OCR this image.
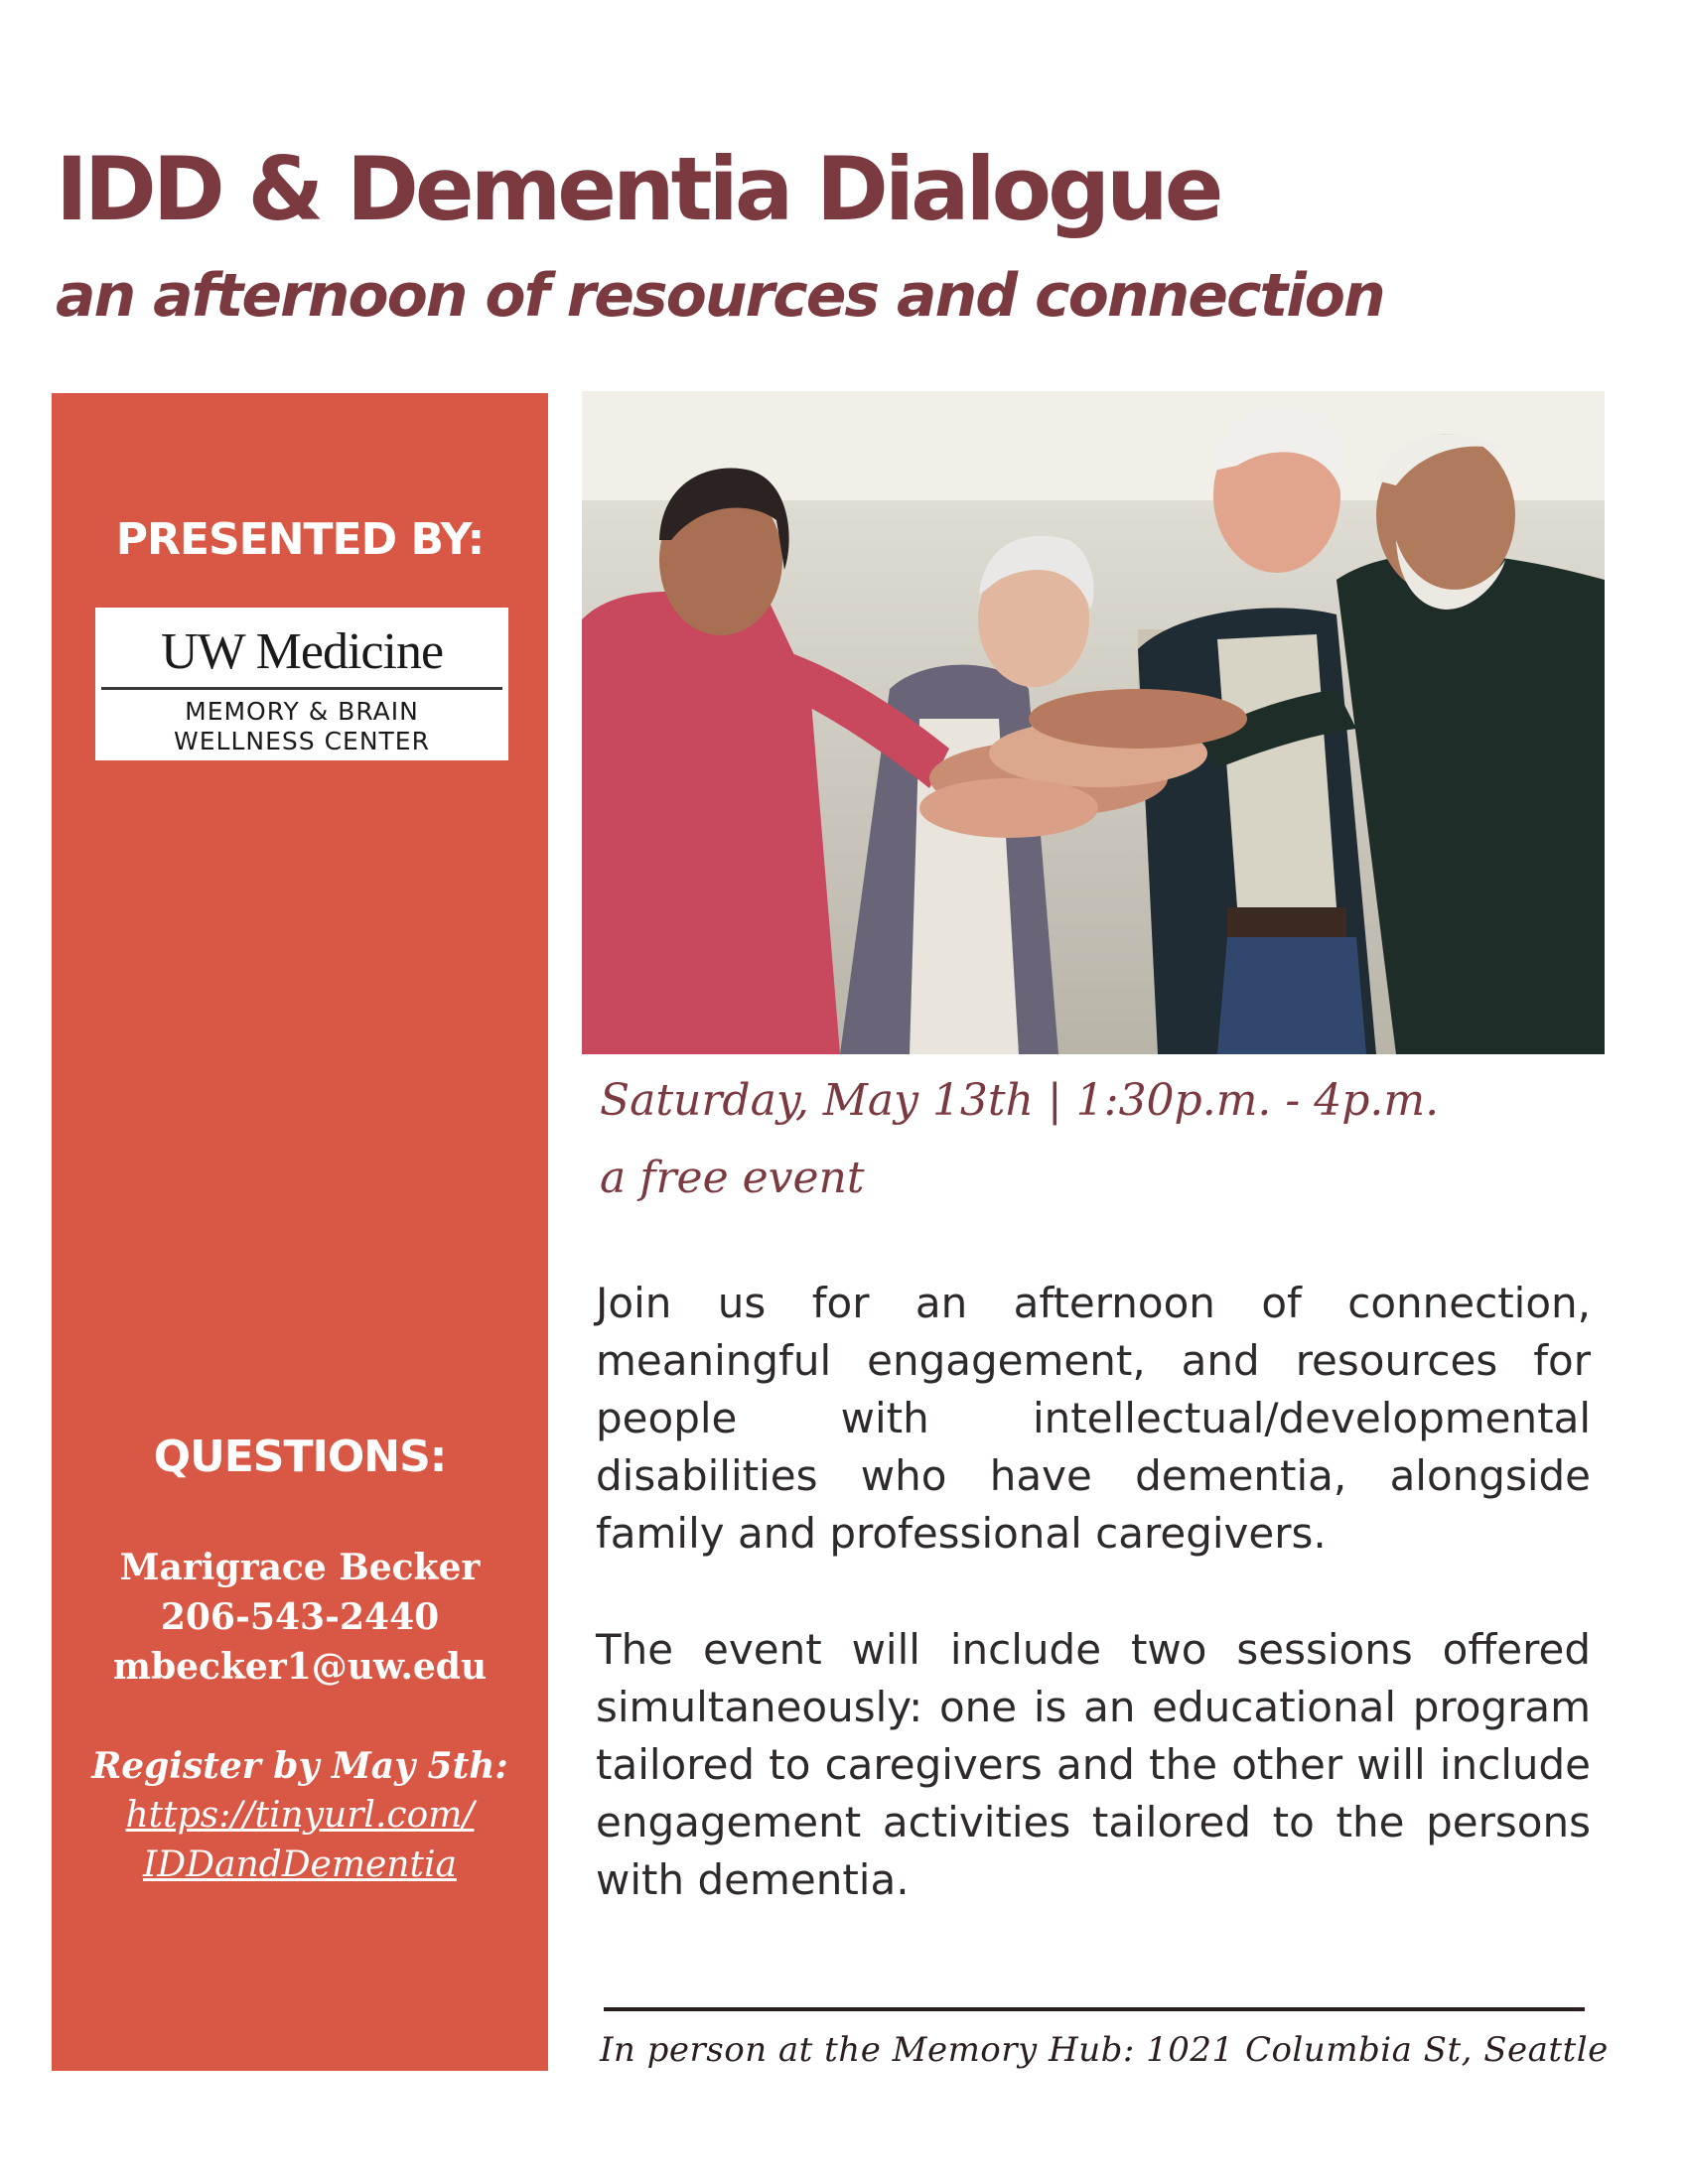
IDD & Dementia Dialogue
an afternoon of resources and connection

PRESENTED BY:

UW Medicine
MEMORY & BRAIN
WELLNESS CENTER

QUESTIONS:

Marigrace Becker
206-543-2440
mbecker1@uw.edu
Register by May 5th:
https://tinyurl.com/
IDDandDementia

Saturday, May 13th | 1:30p.m. - 4p.m.

a free event

Join us for an afternoon of connection, meaningful engagement, and resources for people with intellectual/developmental disabilities who have dementia, alongside family and professional caregivers.

The event will include two sessions offered simultaneously: one is an educational program tailored to caregivers and the other will include engagement activities tailored to the persons with dementia.

In person at the Memory Hub: 1021 Columbia St, Seattle
